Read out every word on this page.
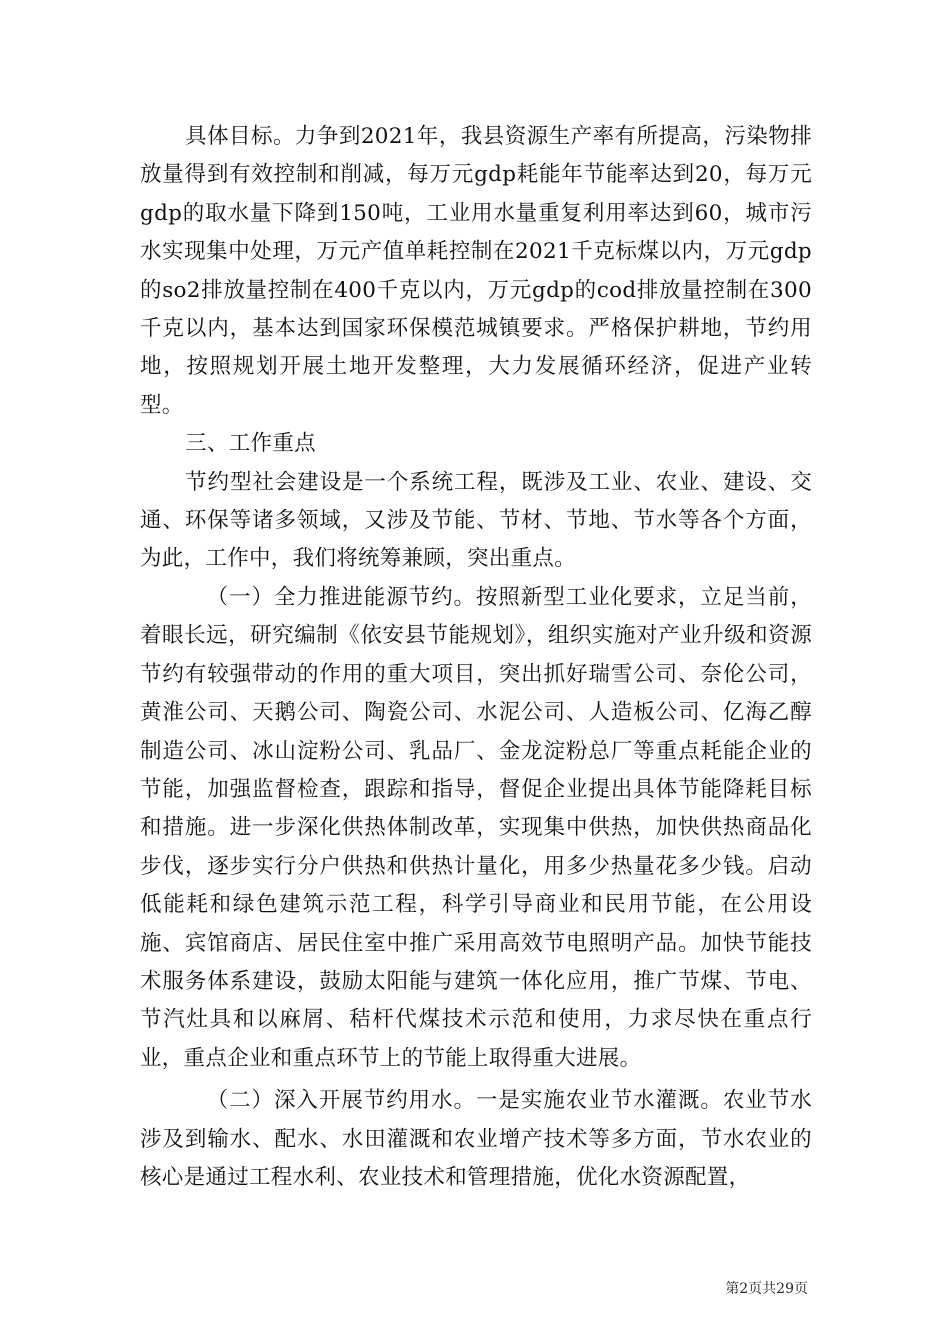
具体目标。力争到2021年，我县资源生产率有所提高，污染物排放量得到有效控制和削减，每万元gdp耗能年节能率达到20，每万元gdp的取水量下降到150吨，工业用水量重复利用率达到60，城市污水实现集中处理，万元产值单耗控制在2021千克标煤以内，万元gdp的so2排放量控制在400千克以内，万元gdp的cod排放量控制在300千克以内，基本达到国家环保模范城镇要求。严格保护耕地，节约用地，按照规划开展土地开发整理，大力发展循环经济，促进产业转型。

三、工作重点

节约型社会建设是一个系统工程，既涉及工业、农业、建设、交通、环保等诸多领域，又涉及节能、节材、节地、节水等各个方面，为此，工作中，我们将统筹兼顾，突出重点。

（一）全力推进能源节约。按照新型工业化要求，立足当前，着眼长远，研究编制《依安县节能规划》，组织实施对产业升级和资源节约有较强带动的作用的重大项目，突出抓好瑞雪公司、奈伦公司，黄淮公司、天鹅公司、陶瓷公司、水泥公司、人造板公司、亿海乙醇制造公司、冰山淀粉公司、乳品厂、金龙淀粉总厂等重点耗能企业的节能，加强监督检查，跟踪和指导，督促企业提出具体节能降耗目标和措施。进一步深化供热体制改革，实现集中供热，加快供热商品化步伐，逐步实行分户供热和供热计量化，用多少热量花多少钱。启动低能耗和绿色建筑示范工程，科学引导商业和民用节能，在公用设施、宾馆商店、居民住室中推广采用高效节电照明产品。加快节能技术服务体系建设，鼓励太阳能与建筑一体化应用，推广节煤、节电、节汽灶具和以麻屑、秸杆代煤技术示范和使用，力求尽快在重点行业，重点企业和重点环节上的节能上取得重大进展。

（二）深入开展节约用水。一是实施农业节水灌溉。农业节水涉及到输水、配水、水田灌溉和农业增产技术等多方面，节水农业的核心是通过工程水利、农业技术和管理措施，优化水资源配置，

第2页共29页
